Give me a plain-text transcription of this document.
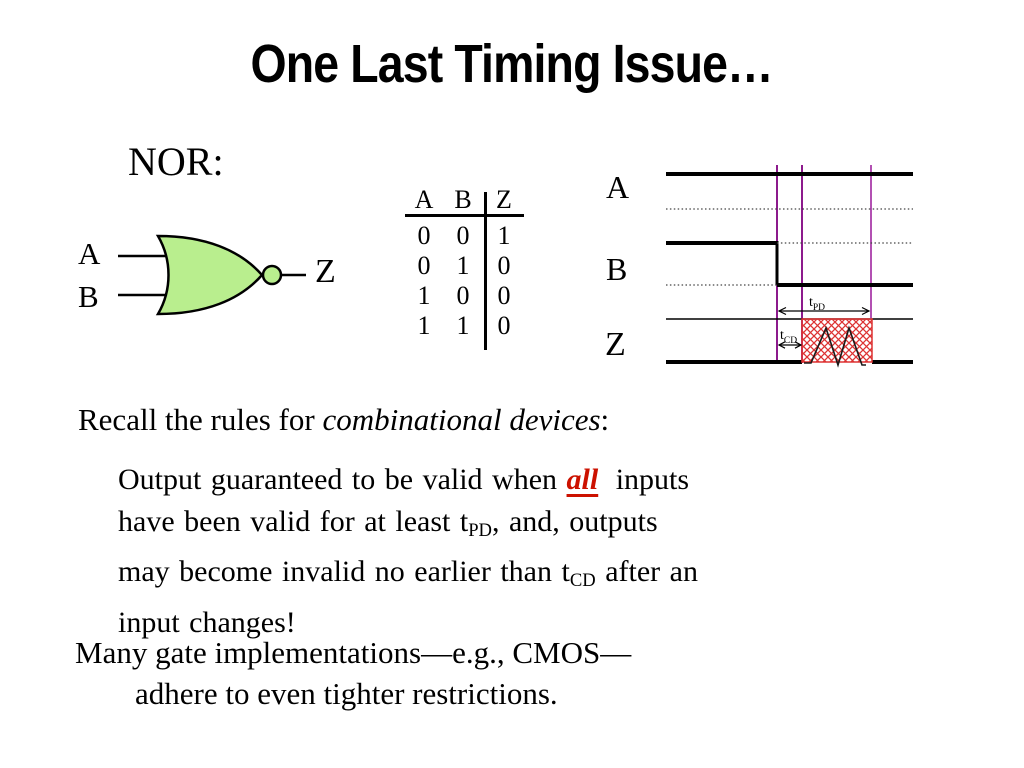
One Last Timing Issue…
NOR:
A
B
Z
A B Z
0	0	1
0	1	0
1	0	0
1	1	0
A
B
Z
$t_{PD}$
$t_{CD}$
Recall the rules for combinational devices:
Output guaranteed to be valid when all inputs
have been valid for at least $t_{PD}$, and, outputs
may become invalid no earlier than $t_{CD}$ after an
input changes!
Many gate implementations—e.g., CMOS—
adhere to even tighter restrictions.
